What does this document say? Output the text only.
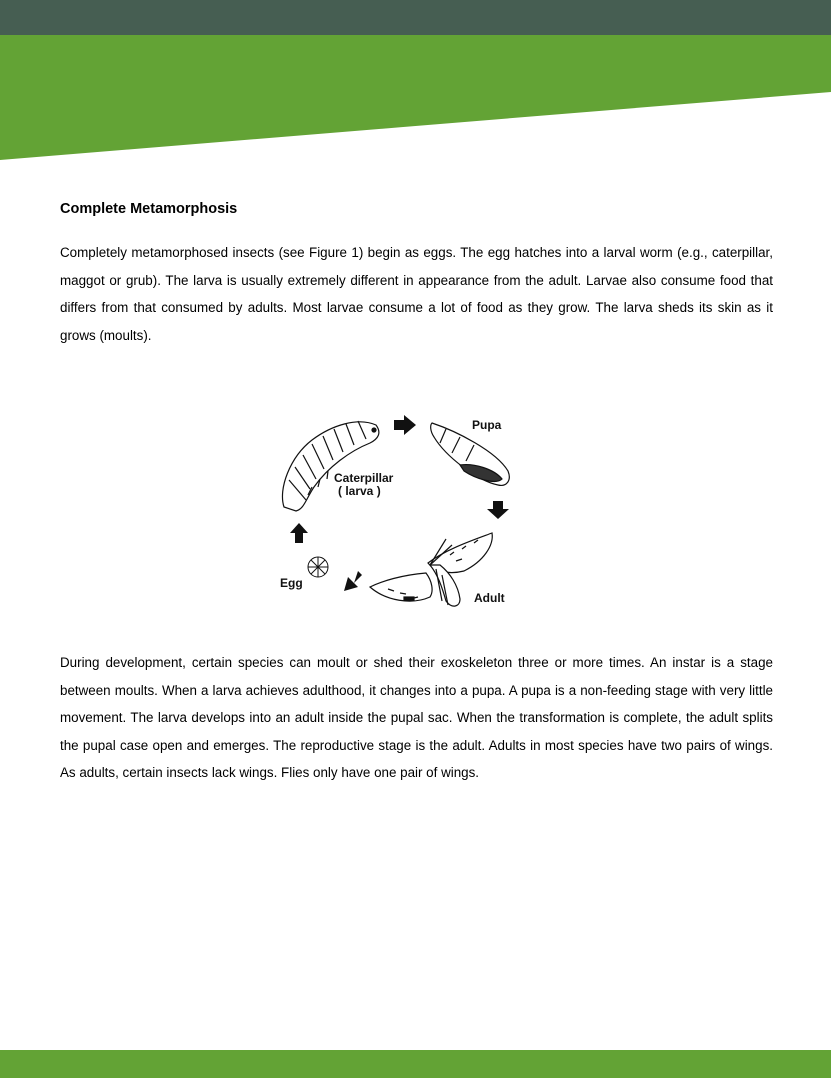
Complete Metamorphosis

Completely metamorphosed insects (see Figure 1) begin as eggs. The egg hatches into a larval worm (e.g., caterpillar, maggot or grub). The larva is usually extremely different in appearance from the adult. Larvae also consume food that differs from that consumed by adults. Most larvae consume a lot of food as they grow. The larva sheds its skin as it grows (moults).

Caterpillar
( larva )
Pupa
Adult
Egg

During development, certain species can moult or shed their exoskeleton three or more times. An instar is a stage between moults. When a larva achieves adulthood, it changes into a pupa. A pupa is a non-feeding stage with very little movement. The larva develops into an adult inside the pupal sac. When the transformation is complete, the adult splits the pupal case open and emerges. The reproductive stage is the adult. Adults in most species have two pairs of wings. As adults, certain insects lack wings. Flies only have one pair of wings.
